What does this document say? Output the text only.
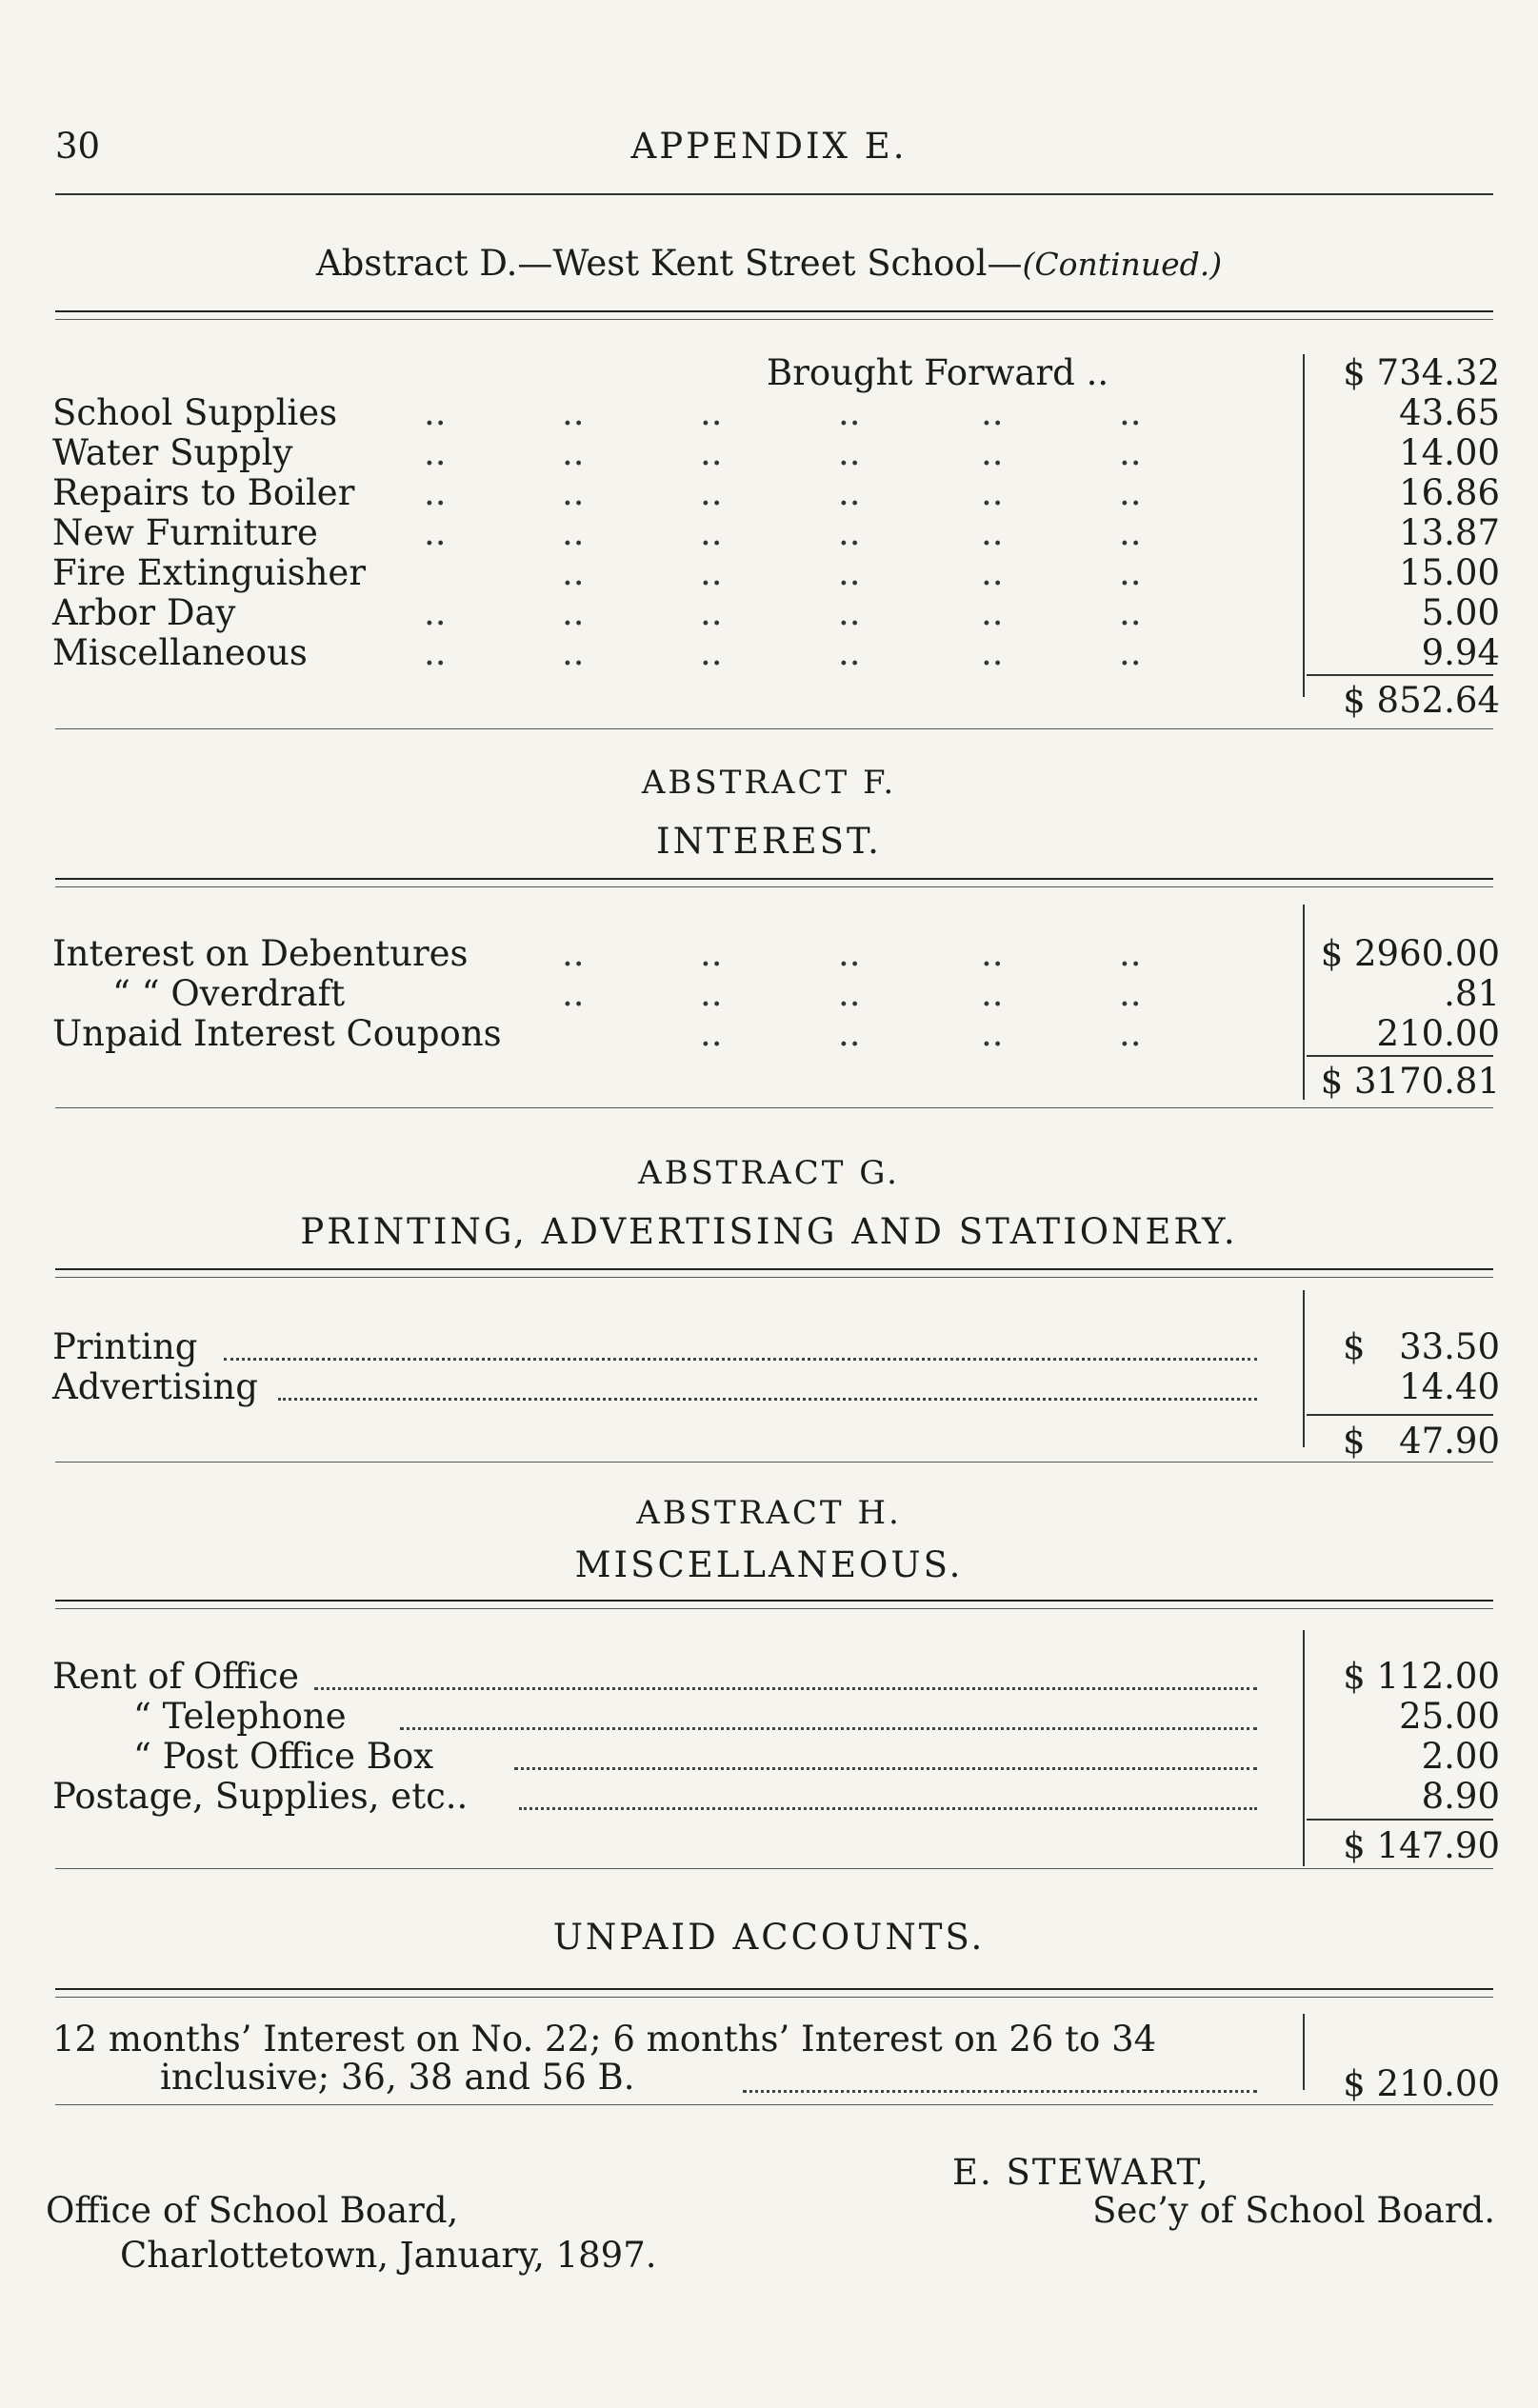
30	APPENDIX E.
Abstract D.—West Kent Street School—(Continued.)
Brought Forward ..	$ 734.32
School Supplies ..	..	..	..	..	..	43.65
Water Supply	..	..	..	..	..	..	14.00
Repairs to Boiler ..	..	..	..	..	..	16.86
New Furniture	..	..	..	..	..	..	13.87
Fire Extinguisher	..	..	..	..	..	15.00
Arbor Day	..	..	..	..	..	..	5.00
Miscellaneous	..	..	..	..	..	..	9.94
$ 852.64
ABSTRACT F.
INTEREST.
Interest on Debentures	..	..	..	..	..	$ 2960.00
“ “ Overdraft	..	..	..	..	..	.81
Unpaid Interest Coupons	..	..	..	..	210.00
$ 3170.81
ABSTRACT G.
PRINTING, ADVERTISING AND STATIONERY.
Printing	$ 33.50
Advertising	14.40
$ 47.90
ABSTRACT H.
MISCELLANEOUS.
Rent of Office	$ 112.00
“ Telephone	25.00
“ Post Office Box	2.00
Postage, Supplies, etc..	8.90
$ 147.90
UNPAID ACCOUNTS.
12 months’ Interest on No. 22; 6 months’ Interest on 26 to 34
inclusive; 36, 38 and 56 B.	$ 210.00
E. STEWART,
Office of School Board,	Sec’y of School Board.
Charlottetown, January, 1897.
